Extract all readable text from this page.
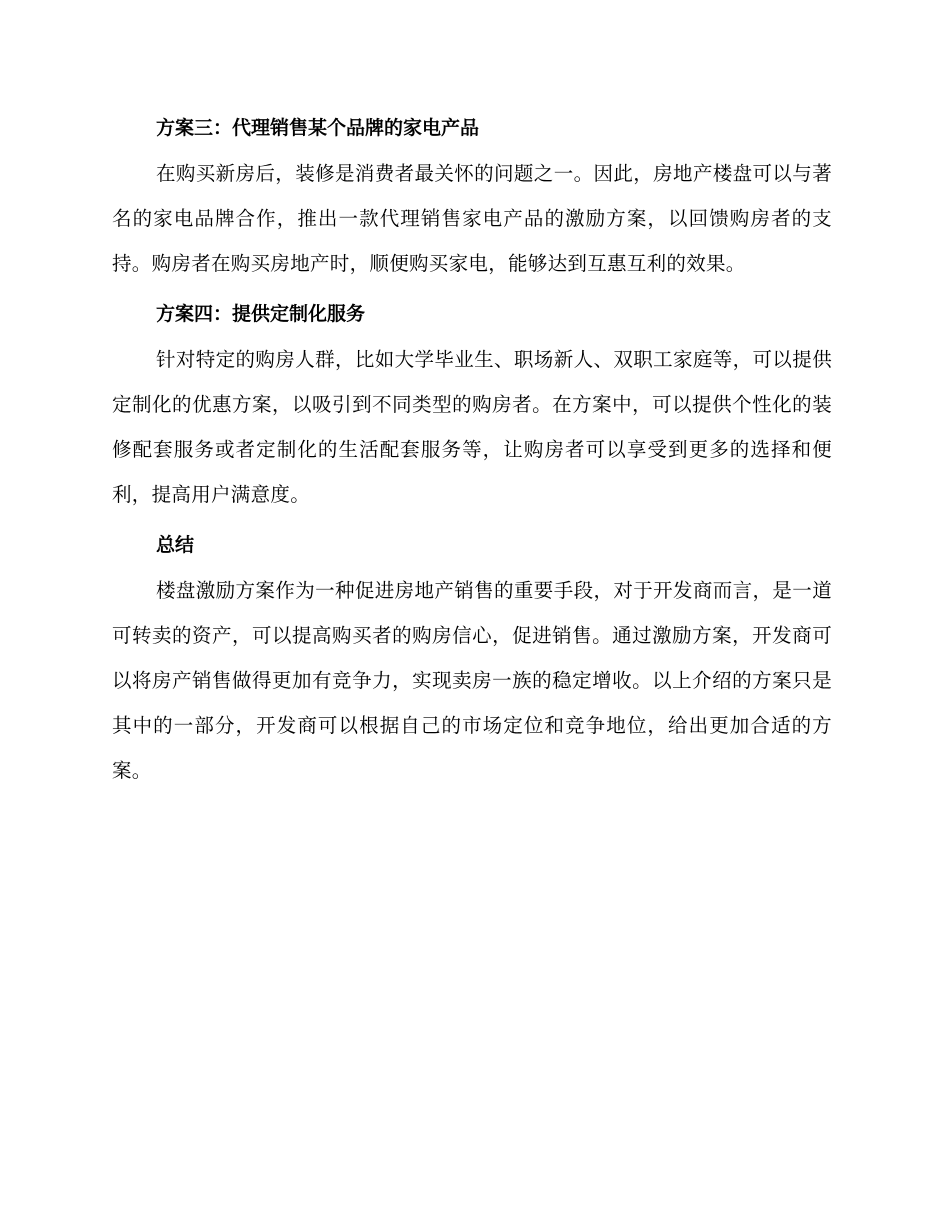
方案三：代理销售某个品牌的家电产品

在购买新房后，装修是消费者最关怀的问题之一。因此，房地产楼盘可以与著名的家电品牌合作，推出一款代理销售家电产品的激励方案，以回馈购房者的支持。购房者在购买房地产时，顺便购买家电，能够达到互惠互利的效果。

方案四：提供定制化服务

针对特定的购房人群，比如大学毕业生、职场新人、双职工家庭等，可以提供定制化的优惠方案，以吸引到不同类型的购房者。在方案中，可以提供个性化的装修配套服务或者定制化的生活配套服务等，让购房者可以享受到更多的选择和便利，提高用户满意度。

总结

楼盘激励方案作为一种促进房地产销售的重要手段，对于开发商而言，是一道可转卖的资产，可以提高购买者的购房信心，促进销售。通过激励方案，开发商可以将房产销售做得更加有竞争力，实现卖房一族的稳定增收。以上介绍的方案只是其中的一部分，开发商可以根据自己的市场定位和竞争地位，给出更加合适的方案。
